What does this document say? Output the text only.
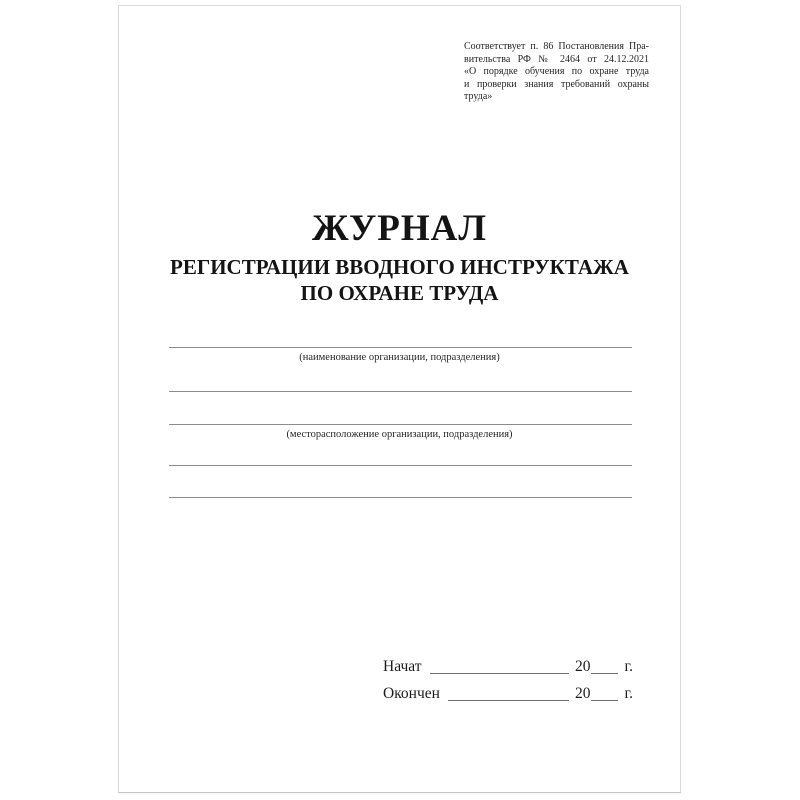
Соответствует п. 86 Постановления Пра-
вительства РФ № 2464 от 24.12.2021
«О порядке обучения по охране труда
и проверки знания требований охраны
труда»
ЖУРНАЛ
РЕГИСТРАЦИИ ВВОДНОГО ИНСТРУКТАЖА
ПО ОХРАНЕ ТРУДА
(наименование организации, подразделения)
(месторасположение организации, подразделения)
Начат	20 г.
Окончен	20 г.
